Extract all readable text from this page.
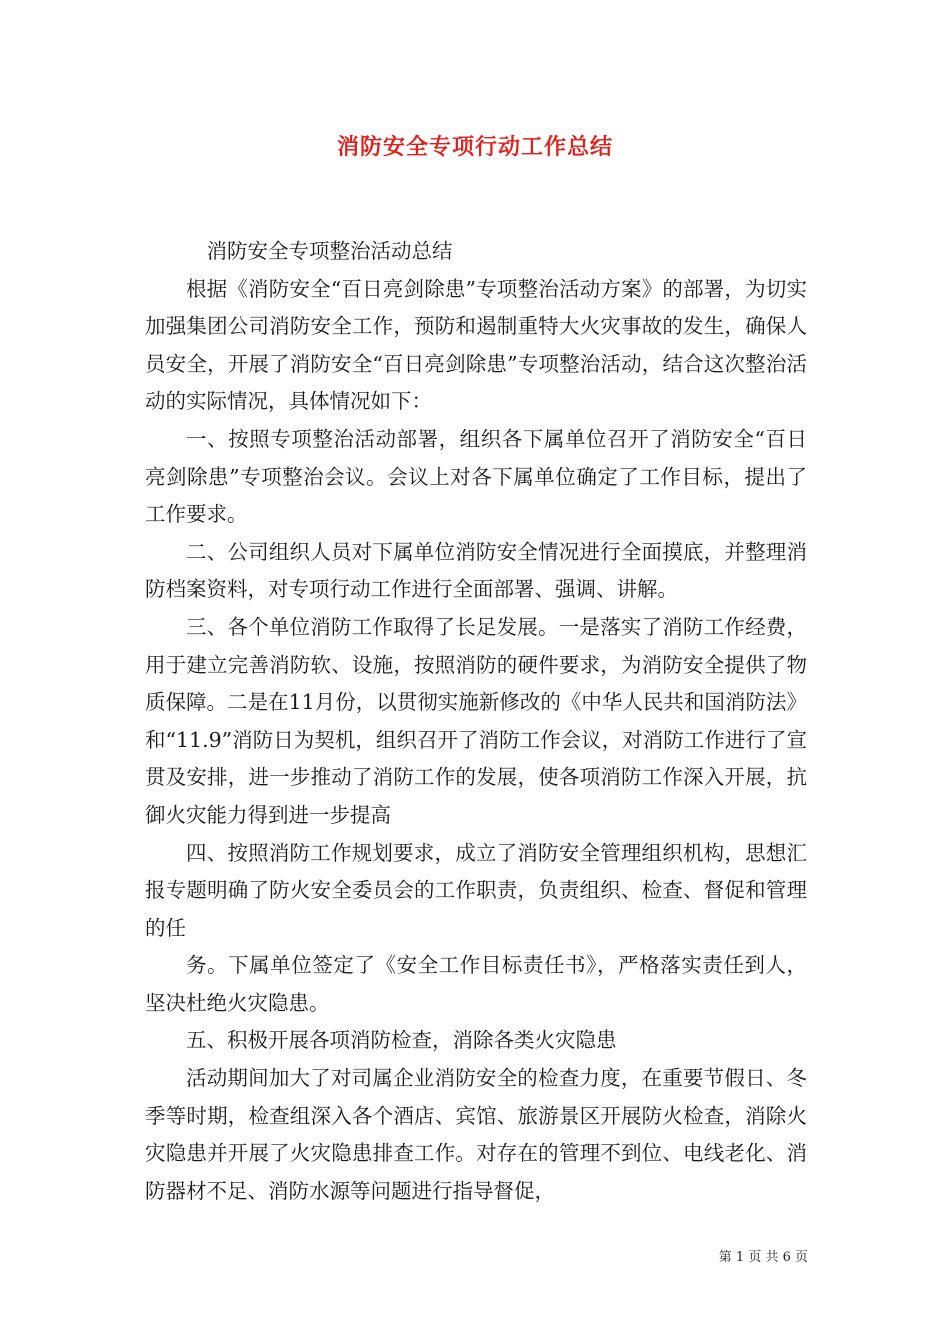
消防安全专项行动工作总结

消防安全专项整治活动总结

根据《消防安全“百日亮剑除患”专项整治活动方案》的部署，为切实加强集团公司消防安全工作，预防和遏制重特大火灾事故的发生，确保人员安全，开展了消防安全“百日亮剑除患”专项整治活动，结合这次整治活动的实际情况，具体情况如下：

一、按照专项整治活动部署，组织各下属单位召开了消防安全“百日亮剑除患”专项整治会议。会议上对各下属单位确定了工作目标，提出了工作要求。

二、公司组织人员对下属单位消防安全情况进行全面摸底，并整理消防档案资料，对专项行动工作进行全面部署、强调、讲解。

三、各个单位消防工作取得了长足发展。一是落实了消防工作经费，用于建立完善消防软、设施，按照消防的硬件要求，为消防安全提供了物质保障。二是在11月份，以贯彻实施新修改的《中华人民共和国消防法》和“11.9”消防日为契机，组织召开了消防工作会议，对消防工作进行了宣贯及安排，进一步推动了消防工作的发展，使各项消防工作深入开展，抗御火灾能力得到进一步提高

四、按照消防工作规划要求，成立了消防安全管理组织机构，思想汇报专题明确了防火安全委员会的工作职责，负责组织、检查、督促和管理的任

务。下属单位签定了《安全工作目标责任书》，严格落实责任到人，坚决杜绝火灾隐患。

五、积极开展各项消防检查，消除各类火灾隐患

活动期间加大了对司属企业消防安全的检查力度，在重要节假日、冬季等时期，检查组深入各个酒店、宾馆、旅游景区开展防火检查，消除火灾隐患并开展了火灾隐患排查工作。对存在的管理不到位、电线老化、消防器材不足、消防水源等问题进行指导督促，

第 1 页 共 6 页
